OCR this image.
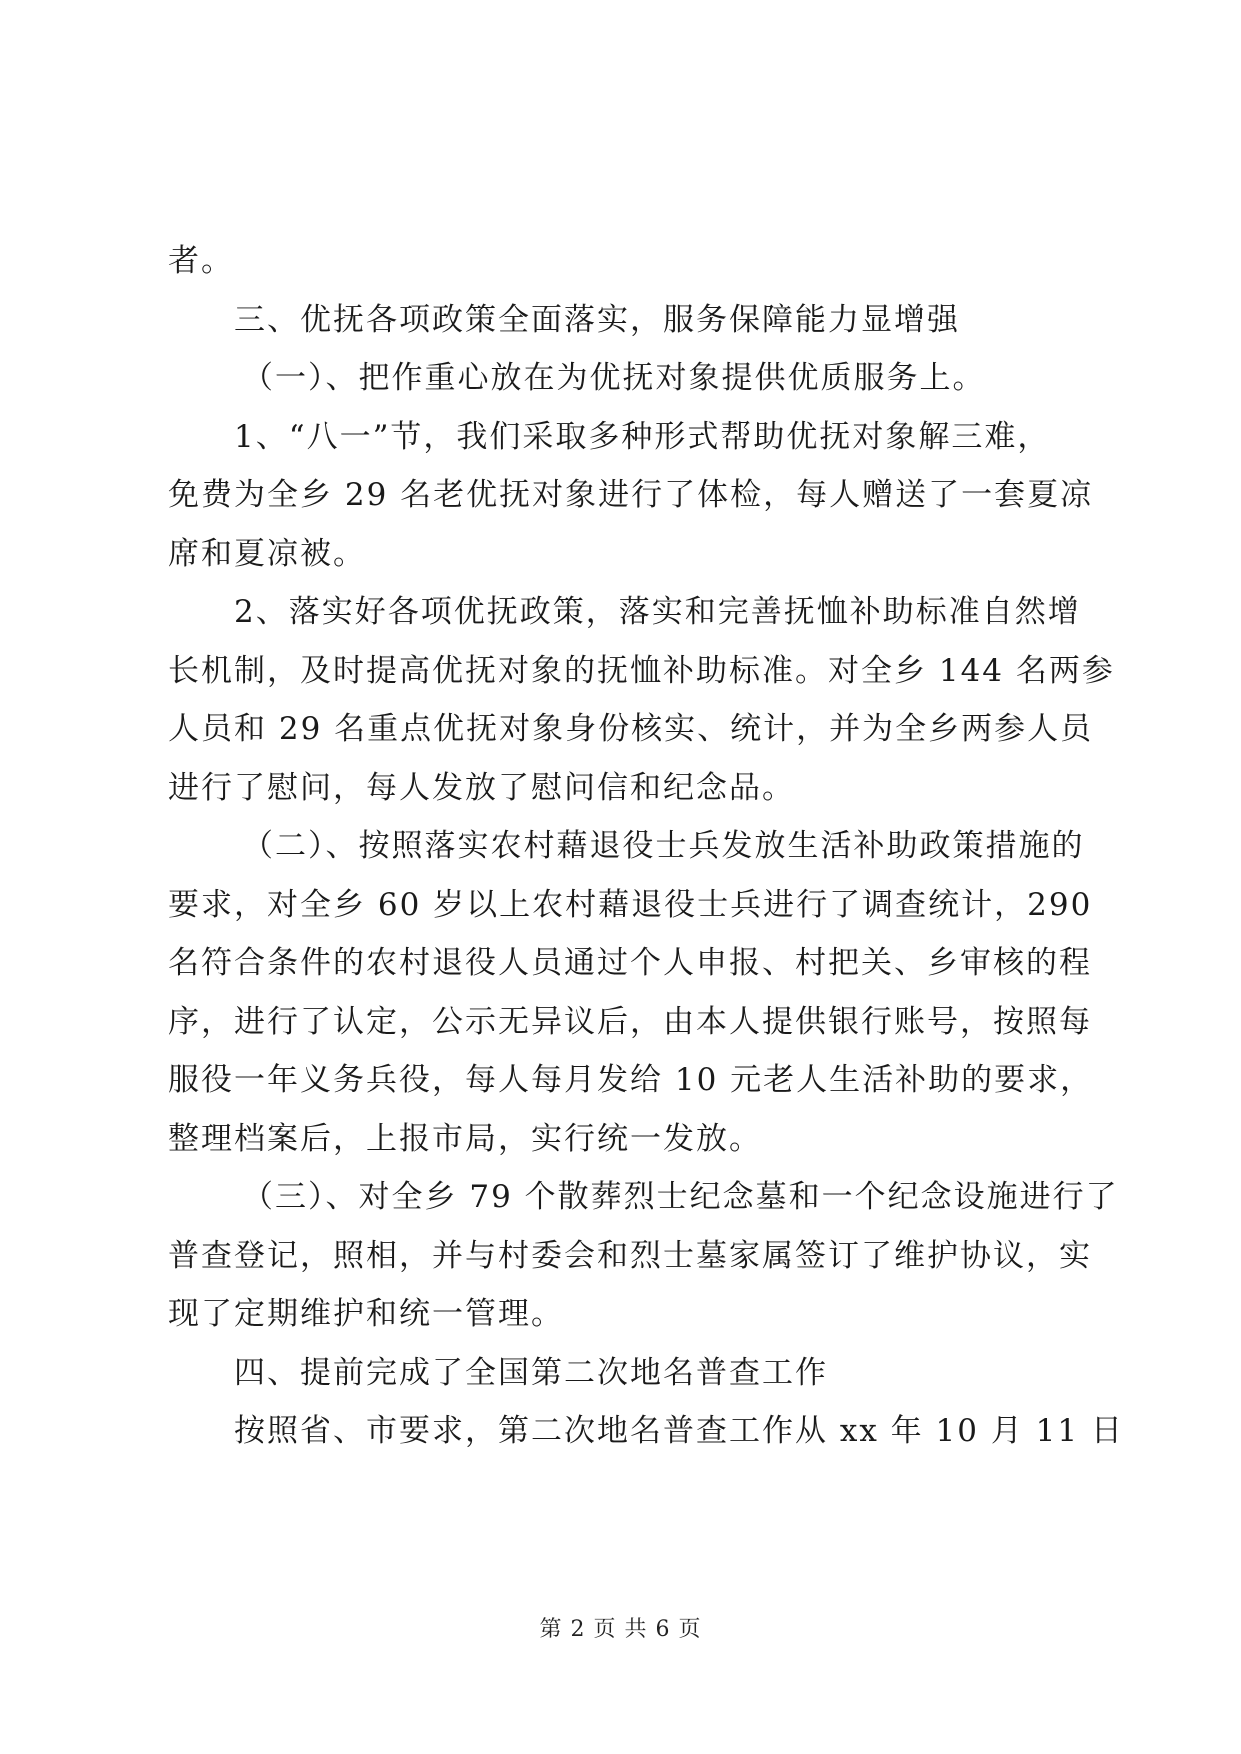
者。
三、优抚各项政策全面落实，服务保障能力显增强
（一）、把作重心放在为优抚对象提供优质服务上。
1、“八一”节，我们采取多种形式帮助优抚对象解三难，
免费为全乡 29 名老优抚对象进行了体检，每人赠送了一套夏凉
席和夏凉被。
2、落实好各项优抚政策，落实和完善抚恤补助标准自然增
长机制，及时提高优抚对象的抚恤补助标准。对全乡 144 名两参
人员和 29 名重点优抚对象身份核实、统计，并为全乡两参人员
进行了慰问，每人发放了慰问信和纪念品。
（二）、按照落实农村藉退役士兵发放生活补助政策措施的
要求，对全乡 60 岁以上农村藉退役士兵进行了调查统计，290
名符合条件的农村退役人员通过个人申报、村把关、乡审核的程
序，进行了认定，公示无异议后，由本人提供银行账号，按照每
服役一年义务兵役，每人每月发给 10 元老人生活补助的要求，
整理档案后，上报市局，实行统一发放。
（三）、对全乡 79 个散葬烈士纪念墓和一个纪念设施进行了
普查登记，照相，并与村委会和烈士墓家属签订了维护协议，实
现了定期维护和统一管理。
四、提前完成了全国第二次地名普查工作
按照省、市要求，第二次地名普查工作从 xx 年 10 月 11 日
第 2 页 共 6 页
